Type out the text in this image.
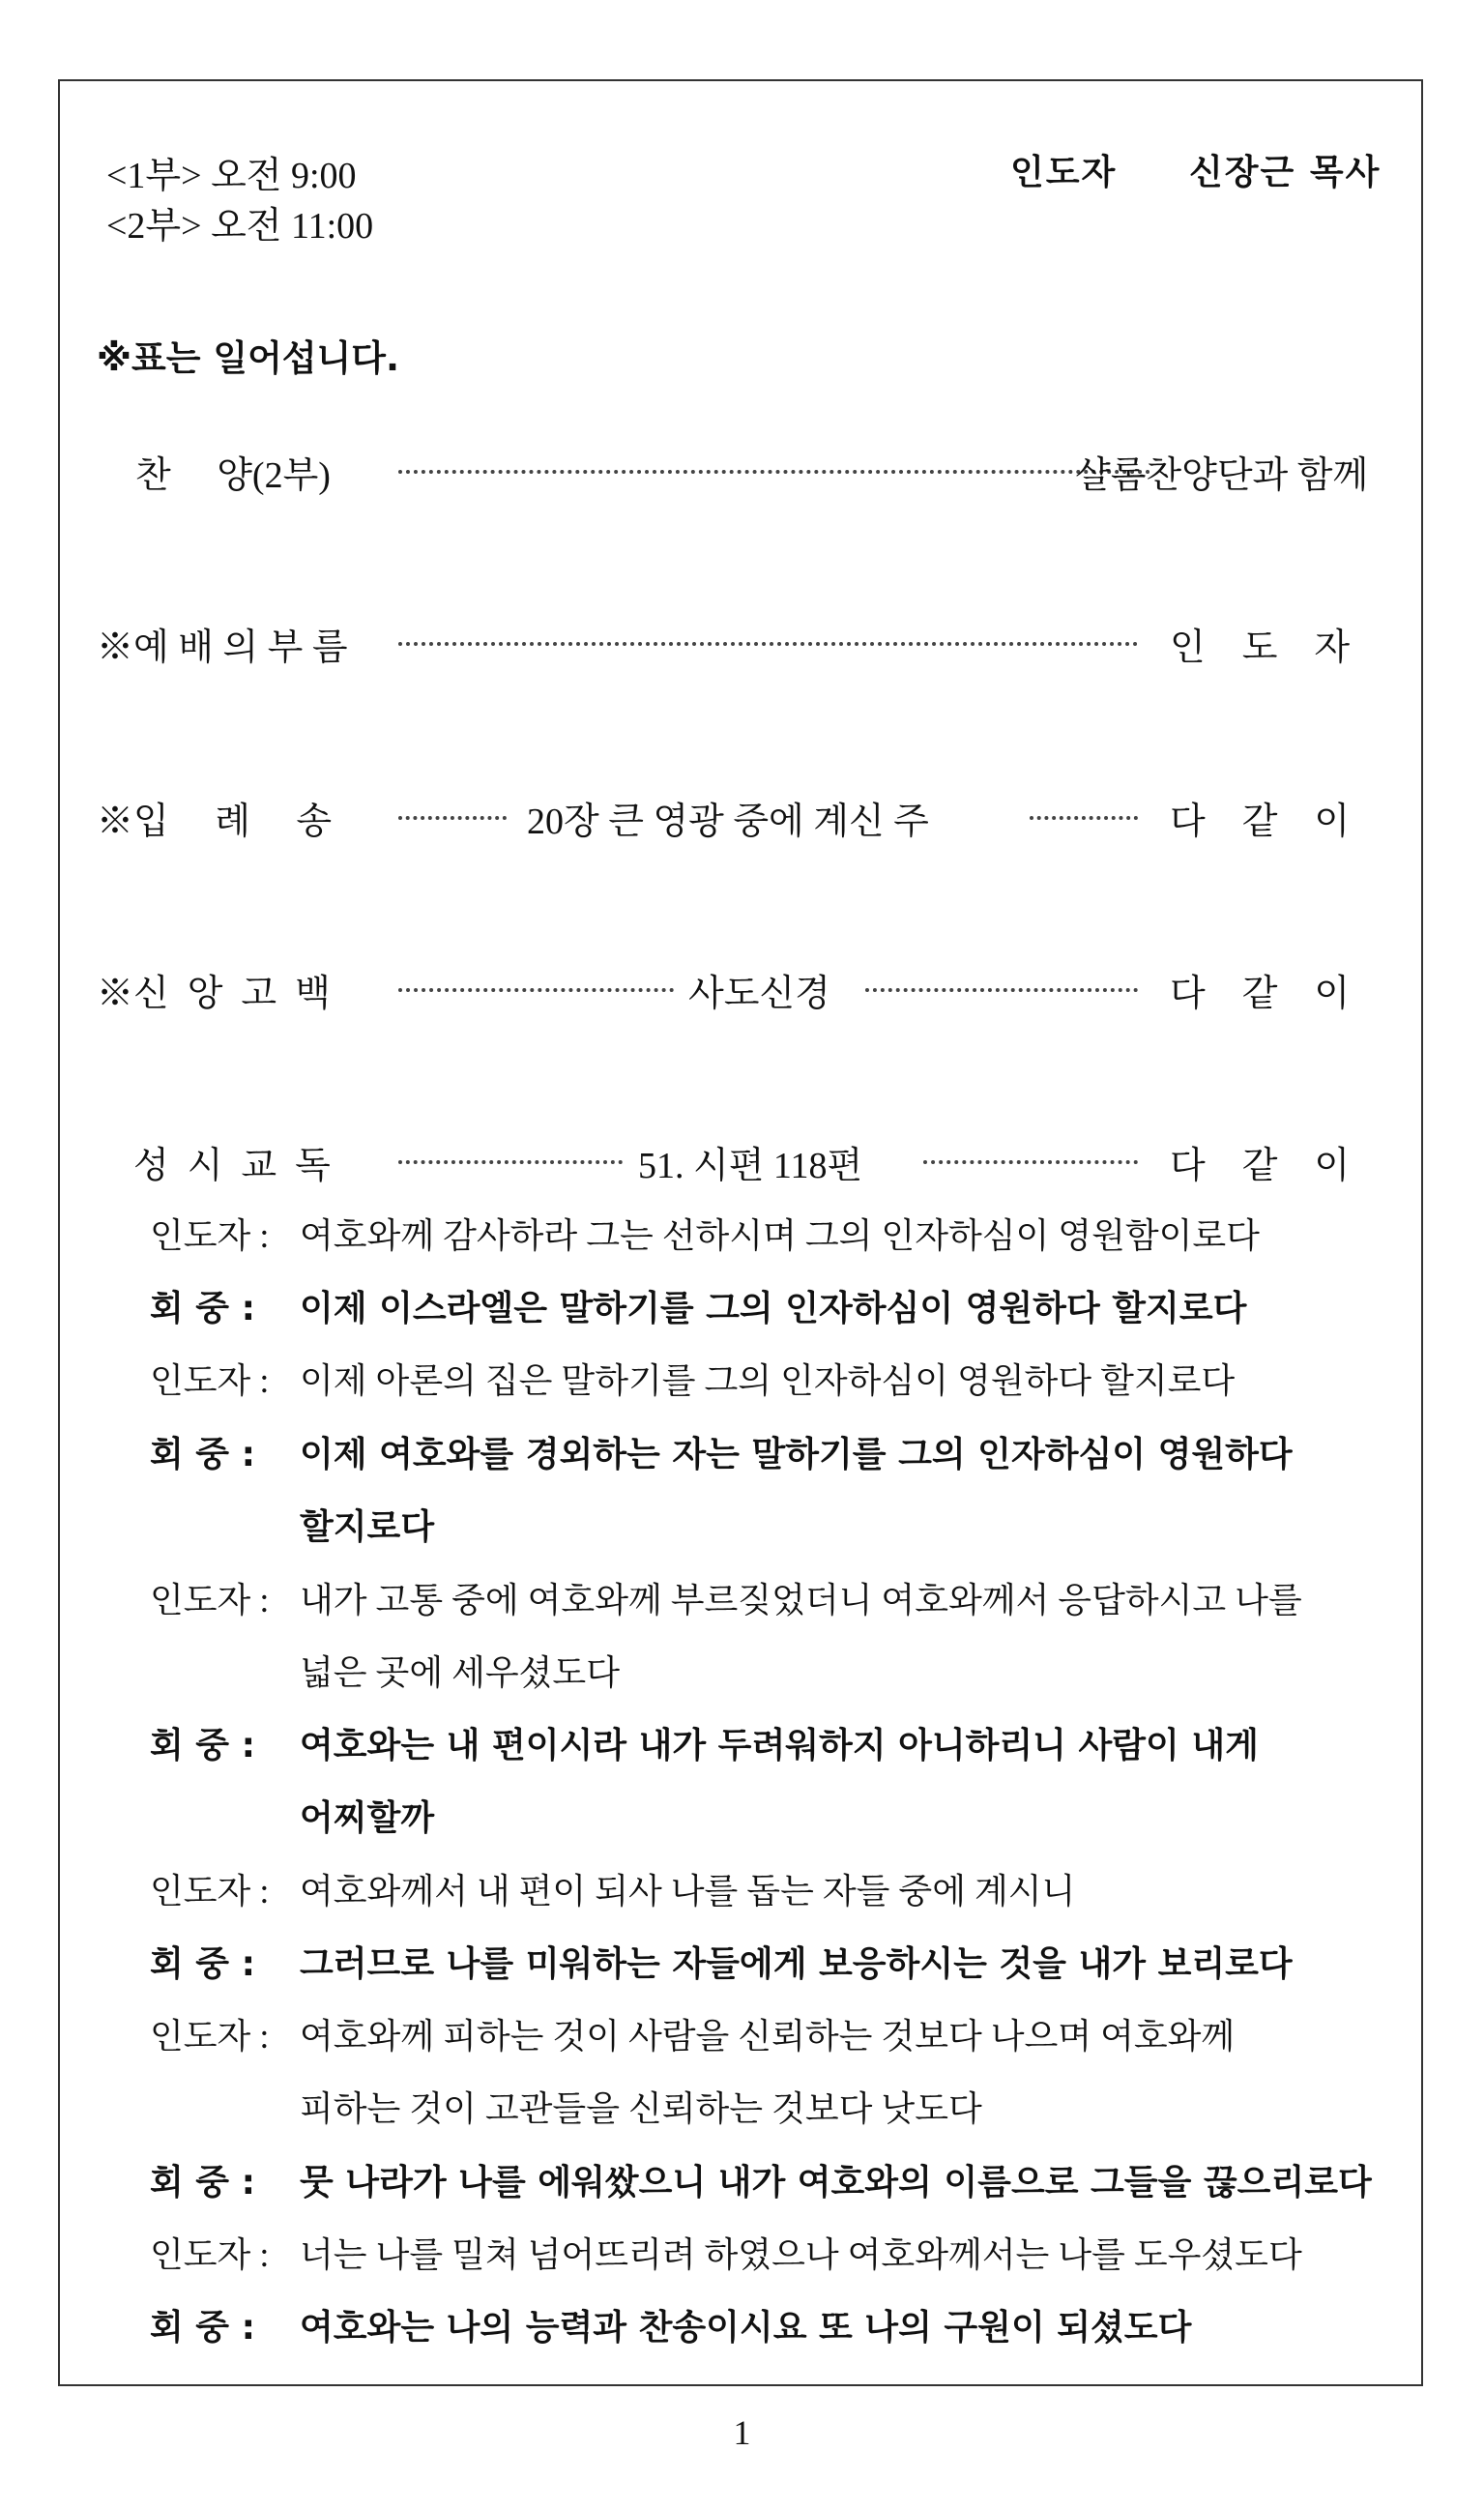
<1부> 오전 9:00
<2부> 오전 11:00
인도자 신장근 목사
※표는 일어섭니다.
찬     양(2부)	샬롬찬양단과 함께
※예 배 의 부 름	인    도    자
※입     례     송	20장 큰 영광 중에 계신 주	다    같    이
※신  앙  고  백	사도신경	다    같    이
성  시  교  독	51. 시편 118편	다    같    이
인도자 : 여호와께 감사하라 그는 선하시며 그의 인자하심이 영원함이로다
회 중 : 이제 이스라엘은 말하기를 그의 인자하심이 영원하다 할지로다
인도자 : 이제 아론의 집은 말하기를 그의 인자하심이 영원하다 할지로다
회 중 : 이제 여호와를 경외하는 자는 말하기를 그의 인자하심이 영원하다
할지로다
인도자 : 내가 고통 중에 여호와께 부르짖었더니 여호와께서 응답하시고 나를
넓은 곳에 세우셨도다
회 중 : 여호와는 내 편이시라 내가 두려워하지 아니하리니 사람이 내게
어찌할까
인도자 : 여호와께서 내 편이 되사 나를 돕는 자들 중에 계시니
회 중 : 그러므로 나를 미워하는 자들에게 보응하시는 것을 내가 보리로다
인도자 : 여호와께 피하는 것이 사람을 신뢰하는 것보다 나으며 여호와께
피하는 것이 고관들을 신뢰하는 것보다 낫도다
회 중 : 뭇 나라가 나를 에워쌌으니 내가 여호와의 이름으로 그들을 끊으리로다
인도자 : 너는 나를 밀쳐 넘어뜨리려 하였으나 여호와께서는 나를 도우셨도다
회 중 : 여호와는 나의 능력과 찬송이시요 또 나의 구원이 되셨도다
1
